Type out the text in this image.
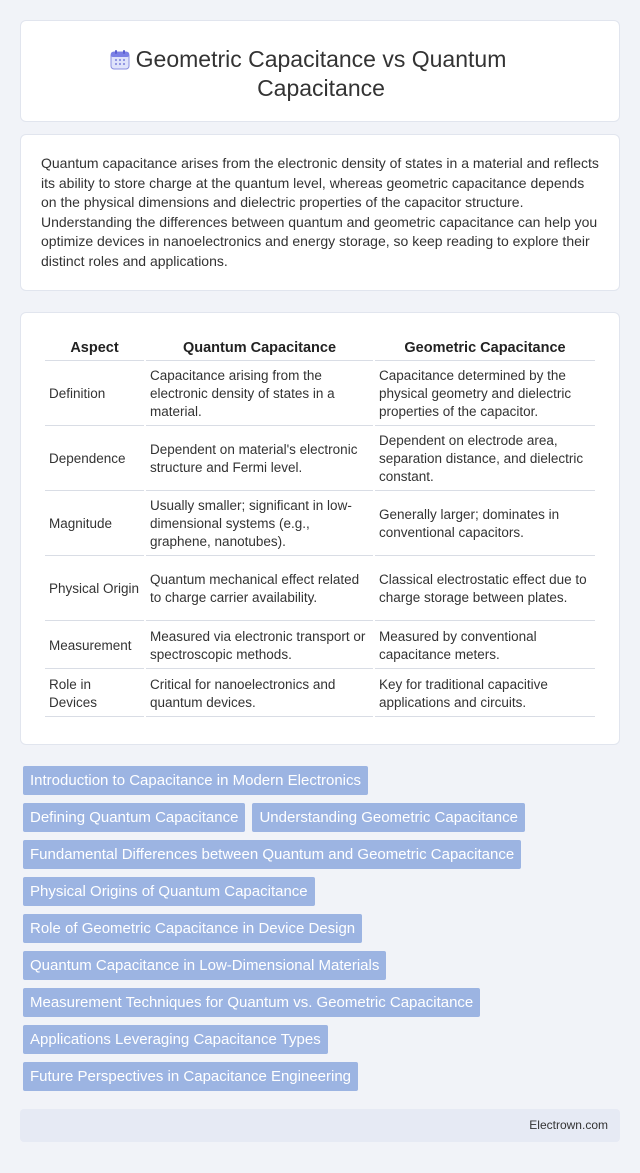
Geometric Capacitance vs Quantum Capacitance

Quantum capacitance arises from the electronic density of states in a material and reflects its ability to store charge at the quantum level, whereas geometric capacitance depends on the physical dimensions and dielectric properties of the capacitor structure. Understanding the differences between quantum and geometric capacitance can help you optimize devices in nanoelectronics and energy storage, so keep reading to explore their distinct roles and applications.

Aspect	Quantum Capacitance	Geometric Capacitance
Definition	Capacitance arising from the electronic density of states in a material.	Capacitance determined by the physical geometry and dielectric properties of the capacitor.
Dependence	Dependent on material's electronic structure and Fermi level.	Dependent on electrode area, separation distance, and dielectric constant.
Magnitude	Usually smaller; significant in low-dimensional systems (e.g., graphene, nanotubes).	Generally larger; dominates in conventional capacitors.
Physical Origin	Quantum mechanical effect related to charge carrier availability.	Classical electrostatic effect due to charge storage between plates.
Measurement	Measured via electronic transport or spectroscopic methods.	Measured by conventional capacitance meters.
Role in Devices	Critical for nanoelectronics and quantum devices.	Key for traditional capacitive applications and circuits.
Introduction to Capacitance in Modern Electronics
Defining Quantum Capacitance	Understanding Geometric Capacitance
Fundamental Differences between Quantum and Geometric Capacitance
Physical Origins of Quantum Capacitance
Role of Geometric Capacitance in Device Design
Quantum Capacitance in Low-Dimensional Materials
Measurement Techniques for Quantum vs. Geometric Capacitance
Applications Leveraging Capacitance Types
Future Perspectives in Capacitance Engineering
Electrown.com
